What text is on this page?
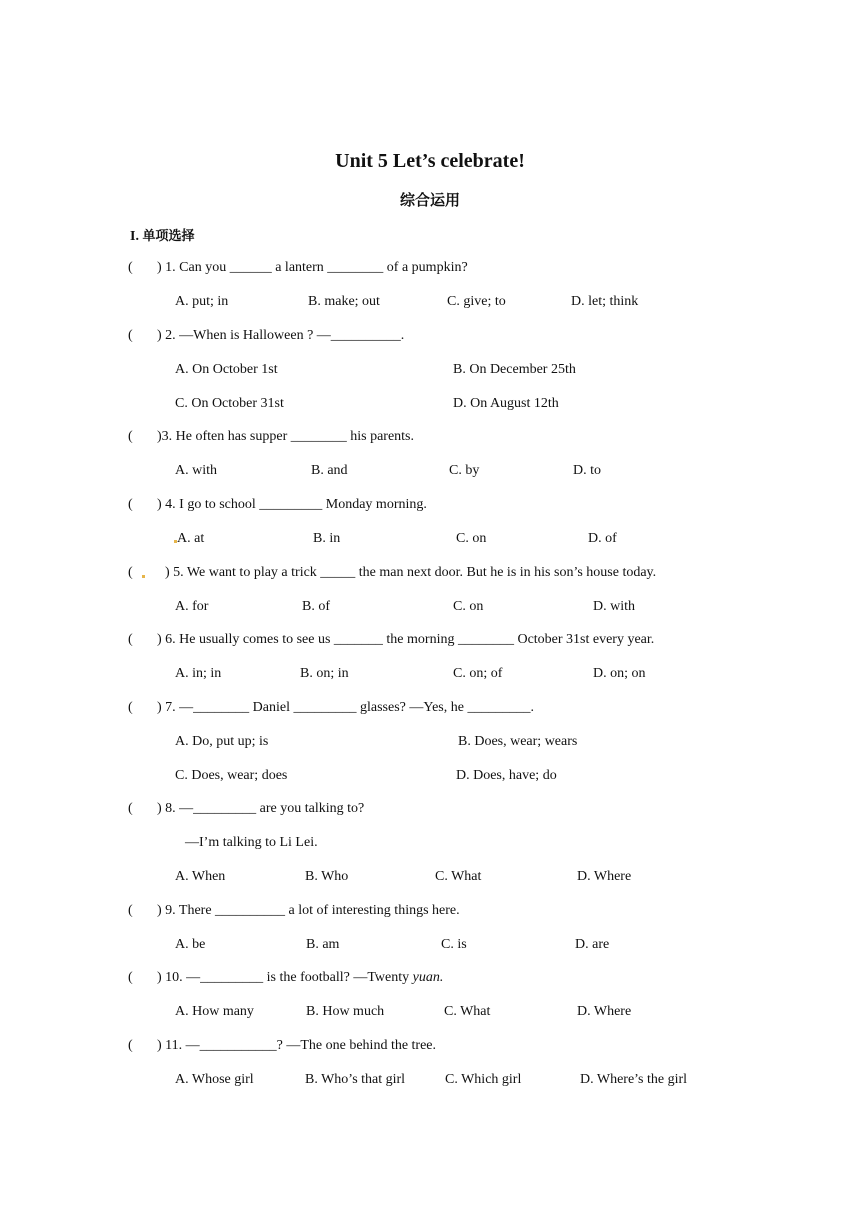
Unit 5 Let’s celebrate!
综合运用
I. 单项选择
( ) 1. Can you ______ a lantern ________ of a pumpkin?
A. put; in	B. make; out	C. give; to	D. let; think
( ) 2. —When is Halloween ? —__________.
A. On October 1st	B. On December 25th
C. On October 31st	D. On August 12th
( )3. He often has supper ________ his parents.
A. with	B. and	C. by	D. to
( ) 4. I go to school _________ Monday morning.
A. at	B. in	C. on	D. of
( ) 5. We want to play a trick _____ the man next door. But he is in his son’s house today.
A. for	B. of	C. on	D. with
( ) 6. He usually comes to see us _______ the morning ________ October 31st every year.
A. in; in	B. on; in	C. on; of	D. on; on
( ) 7. —________ Daniel _________ glasses? —Yes, he _________.
A. Do, put up; is	B. Does, wear; wears
C. Does, wear; does	D. Does, have; do
( ) 8. —_________ are you talking to?
—I’m talking to Li Lei.
A. When	B. Who	C. What	D. Where
( ) 9. There __________ a lot of interesting things here.
A. be	B. am	C. is	D. are
( ) 10. —_________ is the football? —Twenty yuan.
A. How many	B. How much	C. What	D. Where
( ) 11. —___________? —The one behind the tree.
A. Whose girl	B. Who’s that girl	C. Which girl	D. Where’s the girl
